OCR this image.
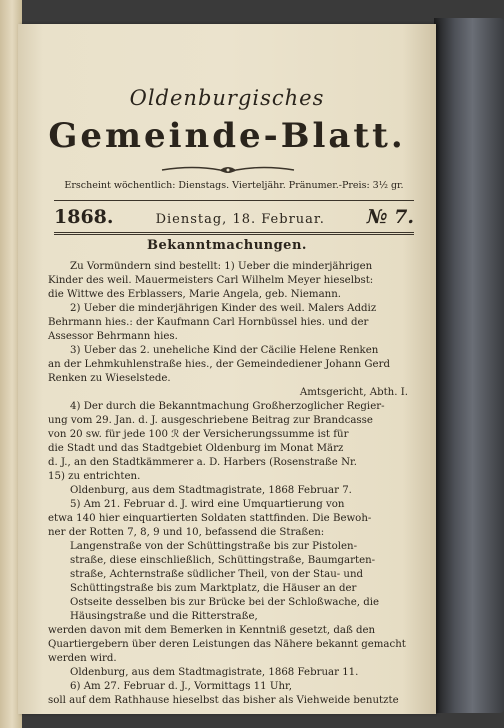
Oldenburgisches
Gemeinde-Blatt.
Erscheint wöchentlich: Dienstags. Vierteljähr. Pränumer.-Preis: 3½ gr.
1868.	Dienstag, 18. Februar. № 7.
Bekanntmachungen.

Zu Vormündern sind bestellt: 1) Ueber die minderjährigen

Kinder des weil. Mauermeisters Carl Wilhelm Meyer hieselbst:

die Wittwe des Erblassers, Marie Angela, geb. Niemann.

2) Ueber die minderjährigen Kinder des weil. Malers Addiz

Behrmann hies.: der Kaufmann Carl Hornbüssel hies. und der

Assessor Behrmann hies.

3) Ueber das 2. uneheliche Kind der Cäcilie Helene Renken

an der Lehmkuhlenstraße hies., der Gemeindediener Johann Gerd

Renken zu Wieselstede.

Amtsgericht, Abth. I.

4) Der durch die Bekanntmachung Großherzoglicher Regier-

ung vom 29. Jan. d. J. ausgeschriebene Beitrag zur Brandcasse

von 20 sw. für jede 100 ℛ der Versicherungssumme ist für

die Stadt und das Stadtgebiet Oldenburg im Monat März

d. J., an den Stadtkämmerer a. D. Harbers (Rosenstraße Nr.

15) zu entrichten.

Oldenburg, aus dem Stadtmagistrate, 1868 Februar 7.

5) Am 21. Februar d. J. wird eine Umquartierung von

etwa 140 hier einquartierten Soldaten stattfinden. Die Bewoh-

ner der Rotten 7, 8, 9 und 10, befassend die Straßen:

Langenstraße von der Schüttingstraße bis zur Pistolen-

straße, diese einschließlich, Schüttingstraße, Baumgarten-

straße, Achternstraße südlicher Theil, von der Stau- und

Schüttingstraße bis zum Marktplatz, die Häuser an der

Ostseite desselben bis zur Brücke bei der Schloßwache, die

Häusingstraße und die Ritterstraße,

werden davon mit dem Bemerken in Kenntniß gesetzt, daß den

Quartiergebern über deren Leistungen das Nähere bekannt gemacht

werden wird.

Oldenburg, aus dem Stadtmagistrate, 1868 Februar 11.

6) Am 27. Februar d. J., Vormittags 11 Uhr,

soll auf dem Rathhause hieselbst das bisher als Viehweide benutzte
